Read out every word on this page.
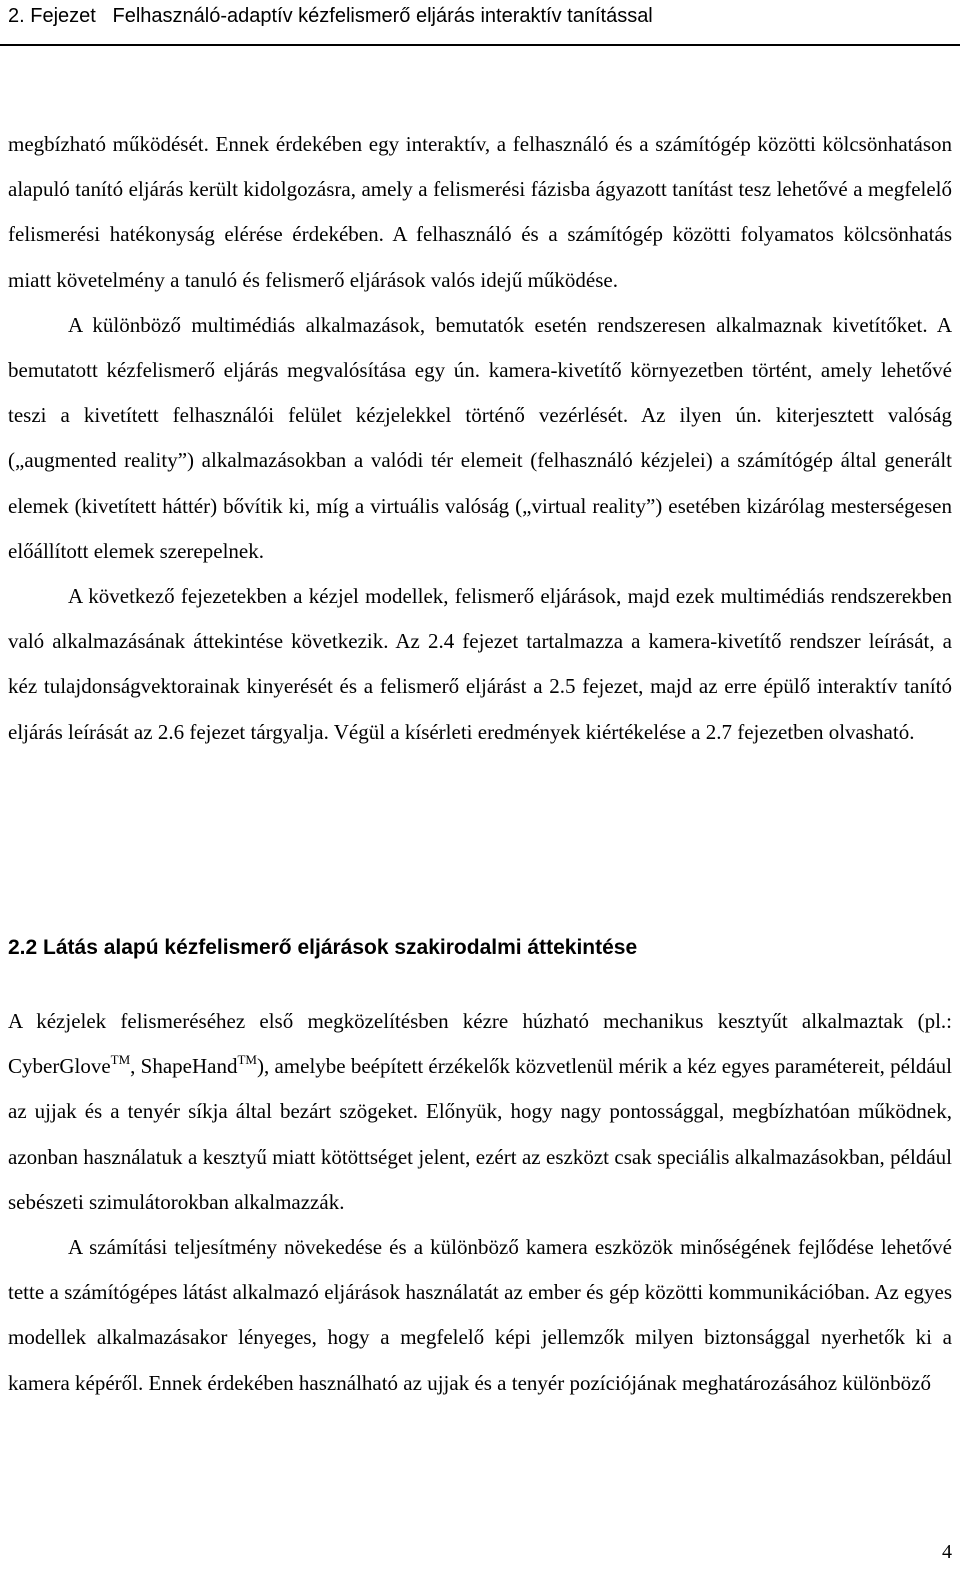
2. Fejezet Felhasználó-adaptív kézfelismerő eljárás interaktív tanítással

megbízható működését. Ennek érdekében egy interaktív, a felhasználó és a számítógép közötti kölcsönhatáson alapuló tanító eljárás került kidolgozásra, amely a felismerési fázisba ágyazott tanítást tesz lehetővé a megfelelő felismerési hatékonyság elérése érdekében. A felhasználó és a számítógép közötti folyamatos kölcsönhatás miatt követelmény a tanuló és felismerő eljárások valós idejű működése.

A különböző multimédiás alkalmazások, bemutatók esetén rendszeresen alkalmaznak kivetítőket. A bemutatott kézfelismerő eljárás megvalósítása egy ún. kamera-kivetítő környezetben történt, amely lehetővé teszi a kivetített felhasználói felület kézjelekkel történő vezérlését. Az ilyen ún. kiterjesztett valóság („augmented reality”) alkalmazásokban a valódi tér elemeit (felhasználó kézjelei) a számítógép által generált elemek (kivetített háttér) bővítik ki, míg a virtuális valóság („virtual reality”) esetében kizárólag mesterségesen előállított elemek szerepelnek.

A következő fejezetekben a kézjel modellek, felismerő eljárások, majd ezek multimédiás rendszerekben való alkalmazásának áttekintése következik. Az 2.4 fejezet tartalmazza a kamera-kivetítő rendszer leírását, a kéz tulajdonságvektorainak kinyerését és a felismerő eljárást a 2.5 fejezet, majd az erre épülő interaktív tanító eljárás leírását az 2.6 fejezet tárgyalja. Végül a kísérleti eredmények kiértékelése a 2.7 fejezetben olvasható.

2.2 Látás alapú kézfelismerő eljárások szakirodalmi áttekintése

A kézjelek felismeréséhez első megközelítésben kézre húzható mechanikus kesztyűt alkalmaztak (pl.: CyberGlove™, ShapeHand™), amelybe beépített érzékelők közvetlenül mérik a kéz egyes paramétereit, például az ujjak és a tenyér síkja által bezárt szögeket. Előnyük, hogy nagy pontossággal, megbízhatóan működnek, azonban használatuk a kesztyű miatt kötöttséget jelent, ezért az eszközt csak speciális alkalmazásokban, például sebészeti szimulátorokban alkalmazzák.

A számítási teljesítmény növekedése és a különböző kamera eszközök minőségének fejlődése lehetővé tette a számítógépes látást alkalmazó eljárások használatát az ember és gép közötti kommunikációban. Az egyes modellek alkalmazásakor lényeges, hogy a megfelelő képi jellemzők milyen biztonsággal nyerhetők ki a kamera képéről. Ennek érdekében használható az ujjak és a tenyér pozíciójának meghatározásához különböző

4
